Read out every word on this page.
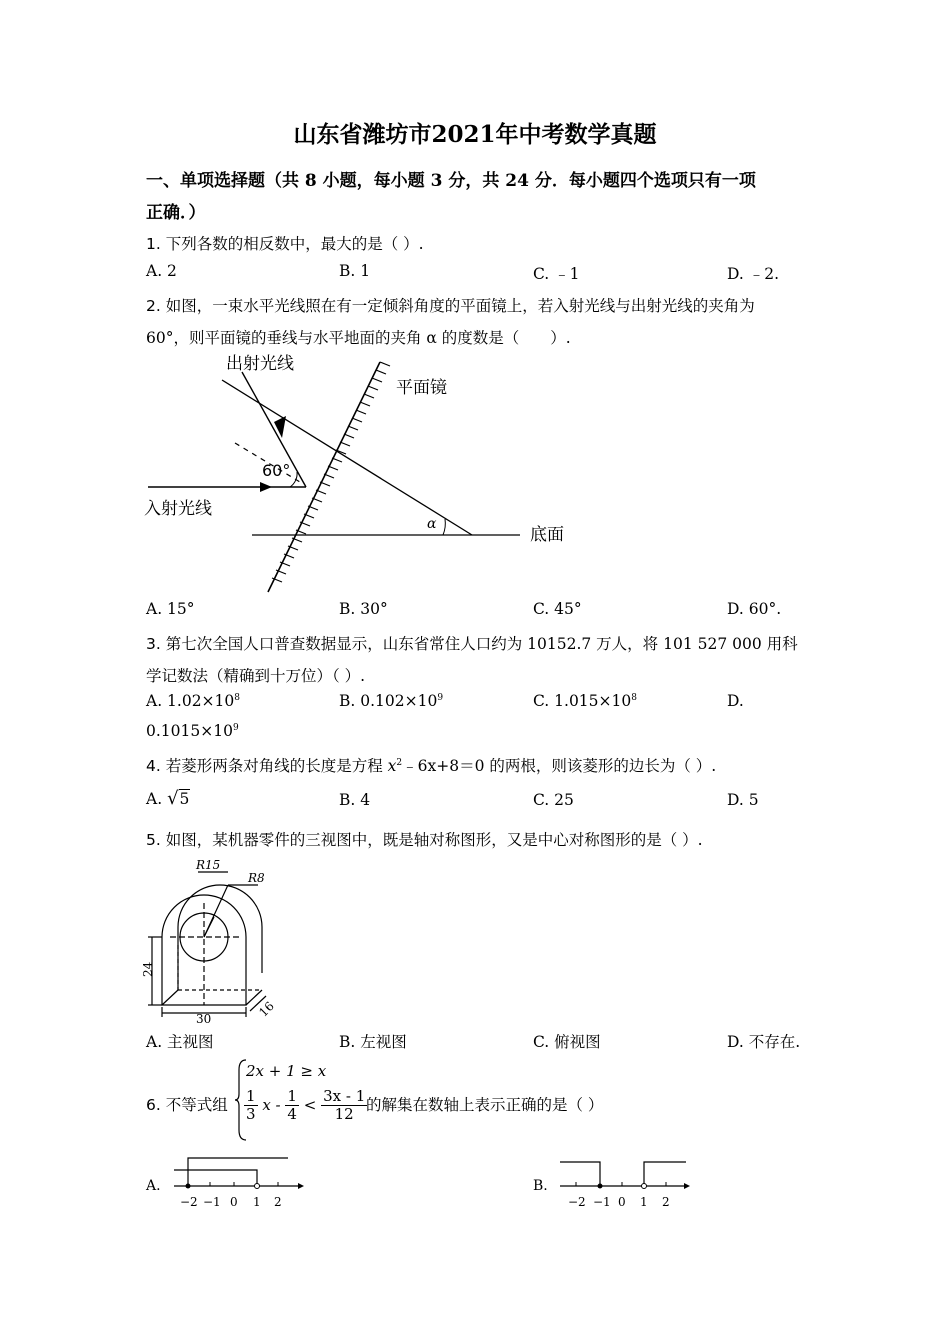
山东省潍坊市2021年中考数学真题
一、单项选择题（共 8 小题，每小题 3 分，共 24 分．每小题四个选项只有一项
正确．）
1. 下列各数的相反数中，最大的是（ ）.
A. 2	B. 1	C. ﹣1	D. ﹣2.
2. 如图，一束水平光线照在有一定倾斜角度的平面镜上，若入射光线与出射光线的夹角为
60°，则平面镜的垂线与水平地面的夹角 α 的度数是（　　）.
出射光线
平面镜
60°
入射光线
α
底面
A. 15°	B. 30°	C. 45°	D. 60°.
3. 第七次全国人口普查数据显示，山东省常住人口约为 10152.7 万人，将 101 527 000 用科
学记数法（精确到十万位）（ ）.
A. $1.02\times 10^8$	B. $0.102\times 10^9$	C. $1.015\times 10^8$	D.
$0.1015\times 10^9$
4. 若菱形两条对角线的长度是方程 $x^2﹣6x+8=0$ 的两根，则该菱形的边长为（ ）.
A. √5	B. 4	C. 25	D. 5
5. 如图，某机器零件的三视图中，既是轴对称图形，又是中心对称图形的是（ ）.
R15
R8
24
30	16
A. 主视图	B. 左视图	C. 俯视图	D. 不存在.
6. 不等式组
2x + 1 ≥ x
$\frac{1}{3}$ $x - \frac{1}{4} < \frac{3x - 1}{12}$
的解集在数轴上表示正确的是（ ）
A.
−2 −1 0 1 2
B.
−2 −1 0 1 2
